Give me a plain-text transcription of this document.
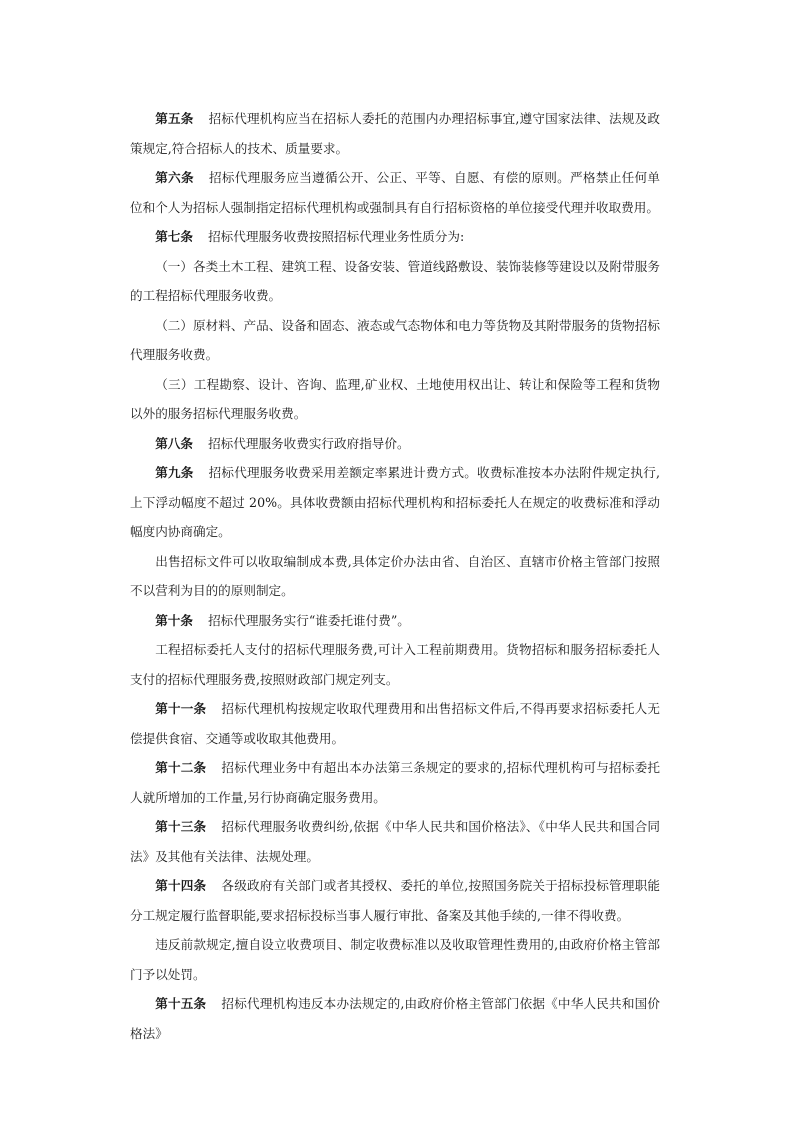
第五条 招标代理机构应当在招标人委托的范围内办理招标事宜,遵守国家法律、法规及政策规定,符合招标人的技术、质量要求。

第六条 招标代理服务应当遵循公开、公正、平等、自愿、有偿的原则。严格禁止任何单位和个人为招标人强制指定招标代理机构或强制具有自行招标资格的单位接受代理并收取费用。

第七条 招标代理服务收费按照招标代理业务性质分为:

（一）各类土木工程、建筑工程、设备安装、管道线路敷设、装饰装修等建设以及附带服务的工程招标代理服务收费。

（二）原材料、产品、设备和固态、液态或气态物体和电力等货物及其附带服务的货物招标代理服务收费。

（三）工程勘察、设计、咨询、监理,矿业权、土地使用权出让、转让和保险等工程和货物以外的服务招标代理服务收费。

第八条 招标代理服务收费实行政府指导价。

第九条 招标代理服务收费采用差额定率累进计费方式。收费标准按本办法附件规定执行,上下浮动幅度不超过 20%。具体收费额由招标代理机构和招标委托人在规定的收费标准和浮动幅度内协商确定。

出售招标文件可以收取编制成本费,具体定价办法由省、自治区、直辖市价格主管部门按照不以营利为目的的原则制定。

第十条 招标代理服务实行“谁委托谁付费”。

工程招标委托人支付的招标代理服务费,可计入工程前期费用。货物招标和服务招标委托人支付的招标代理服务费,按照财政部门规定列支。

第十一条 招标代理机构按规定收取代理费用和出售招标文件后,不得再要求招标委托人无偿提供食宿、交通等或收取其他费用。

第十二条 招标代理业务中有超出本办法第三条规定的要求的,招标代理机构可与招标委托人就所增加的工作量,另行协商确定服务费用。

第十三条 招标代理服务收费纠纷,依据《中华人民共和国价格法》、《中华人民共和国合同法》及其他有关法律、法规处理。

第十四条 各级政府有关部门或者其授权、委托的单位,按照国务院关于招标投标管理职能分工规定履行监督职能,要求招标投标当事人履行审批、备案及其他手续的,一律不得收费。

违反前款规定,擅自设立收费项目、制定收费标准以及收取管理性费用的,由政府价格主管部门予以处罚。

第十五条 招标代理机构违反本办法规定的,由政府价格主管部门依据《中华人民共和国价格法》
